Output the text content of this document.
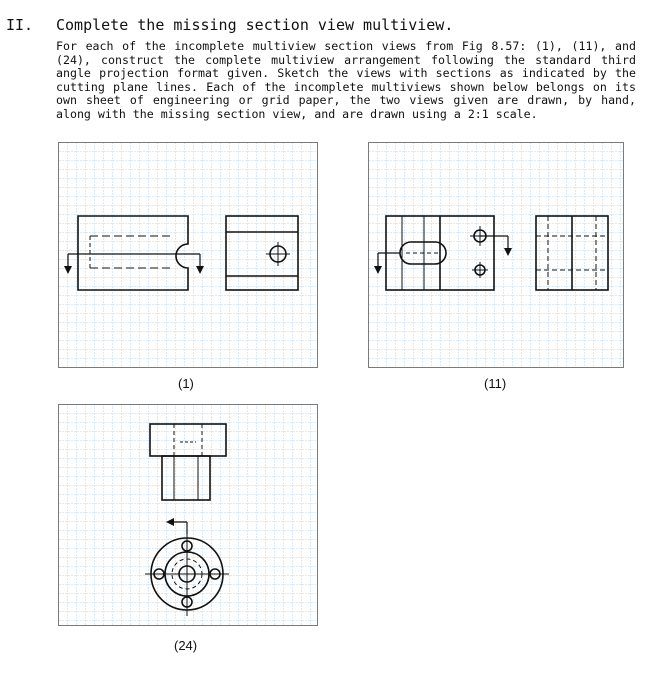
II. Complete the missing section view multiview.

For each of the incomplete multiview section views from Fig 8.57: (1), (11), and (24), construct the complete multiview arrangement following the standard third angle projection format given. Sketch the views with sections as indicated by the cutting plane lines. Each of the incomplete multiviews shown below belongs on its own sheet of engineering or grid paper, the two views given are drawn, by hand, along with the missing section view, and are drawn using a 2:1 scale.

(1)	(11)
(24)
